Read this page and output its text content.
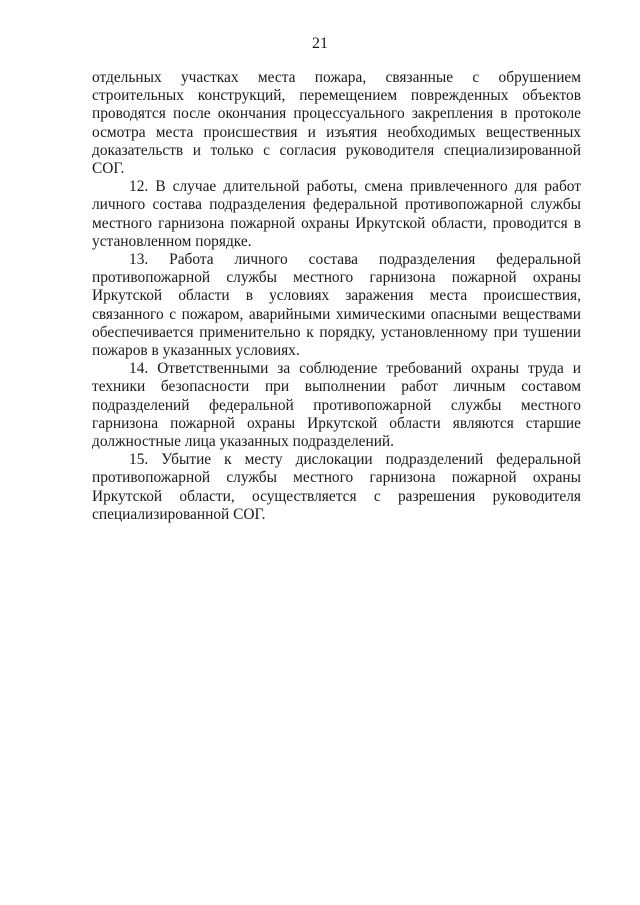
21

отдельных участках места пожара, связанные с обрушением строительных конструкций, перемещением поврежденных объектов проводятся после окончания процессуального закрепления в протоколе осмотра места происшествия и изъятия необходимых вещественных доказательств и только с согласия руководителя специализированной СОГ.

12. В случае длительной работы, смена привлеченного для работ личного состава подразделения федеральной противопожарной службы местного гарнизона пожарной охраны Иркутской области, проводится в установленном порядке.

13. Работа личного состава подразделения федеральной противопожарной службы местного гарнизона пожарной охраны Иркутской области в условиях заражения места происшествия, связанного с пожаром, аварийными химическими опасными веществами обеспечивается применительно к порядку, установленному при тушении пожаров в указанных условиях.

14. Ответственными за соблюдение требований охраны труда и техники безопасности при выполнении работ личным составом подразделений федеральной противопожарной службы местного гарнизона пожарной охраны Иркутской области являются старшие должностные лица указанных подразделений.

15. Убытие к месту дислокации подразделений федеральной противопожарной службы местного гарнизона пожарной охраны Иркутской области, осуществляется с разрешения руководителя специализированной СОГ.
